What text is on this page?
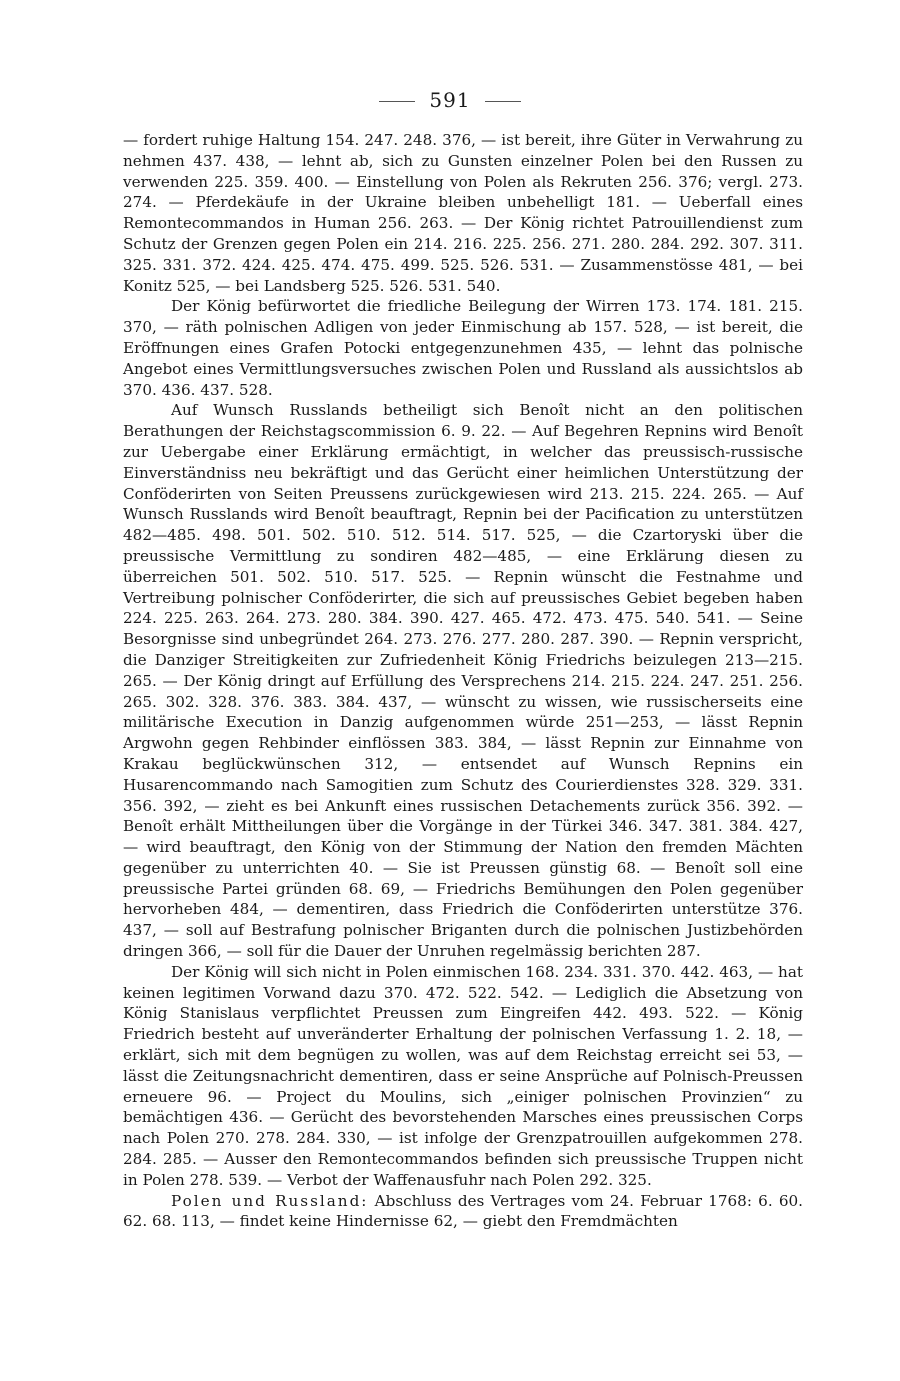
591

— fordert ruhige Haltung 154. 247. 248. 376, — ist bereit, ihre Güter in Verwahrung zu nehmen 437. 438, — lehnt ab, sich zu Gunsten einzelner Polen bei den Russen zu verwenden 225. 359. 400. — Einstellung von Polen als Rekruten 256. 376; vergl. 273. 274. — Pferdekäufe in der Ukraine bleiben unbehelligt 181. — Ueberfall eines Remontecommandos in Human 256. 263. — Der König richtet Patrouillendienst zum Schutz der Grenzen gegen Polen ein 214. 216. 225. 256. 271. 280. 284. 292. 307. 311. 325. 331. 372. 424. 425. 474. 475. 499. 525. 526. 531. — Zusammenstösse 481, — bei Konitz 525, — bei Landsberg 525. 526. 531. 540.

Der König befürwortet die friedliche Beilegung der Wirren 173. 174. 181. 215. 370, — räth polnischen Adligen von jeder Einmischung ab 157. 528, — ist bereit, die Eröffnungen eines Grafen Potocki entgegenzunehmen 435, — lehnt das polnische Angebot eines Vermittlungsversuches zwischen Polen und Russland als aussichtslos ab 370. 436. 437. 528.

Auf Wunsch Russlands betheiligt sich Benoît nicht an den politischen Berathungen der Reichstagscommission 6. 9. 22. — Auf Begehren Repnins wird Benoît zur Uebergabe einer Erklärung ermächtigt, in welcher das preussisch-russische Einverständniss neu bekräftigt und das Gerücht einer heimlichen Unterstützung der Conföderirten von Seiten Preussens zurückgewiesen wird 213. 215. 224. 265. — Auf Wunsch Russlands wird Benoît beauftragt, Repnin bei der Pacification zu unterstützen 482—485. 498. 501. 502. 510. 512. 514. 517. 525, — die Czartoryski über die preussische Vermittlung zu sondiren 482—485, — eine Erklärung diesen zu überreichen 501. 502. 510. 517. 525. — Repnin wünscht die Festnahme und Vertreibung polnischer Conföderirter, die sich auf preussisches Gebiet begeben haben 224. 225. 263. 264. 273. 280. 384. 390. 427. 465. 472. 473. 475. 540. 541. — Seine Besorgnisse sind unbegründet 264. 273. 276. 277. 280. 287. 390. — Repnin verspricht, die Danziger Streitigkeiten zur Zufriedenheit König Friedrichs beizulegen 213—215. 265. — Der König dringt auf Erfüllung des Versprechens 214. 215. 224. 247. 251. 256. 265. 302. 328. 376. 383. 384. 437, — wünscht zu wissen, wie russischerseits eine militärische Execution in Danzig aufgenommen würde 251—253, — lässt Repnin Argwohn gegen Rehbinder einflössen 383. 384, — lässt Repnin zur Einnahme von Krakau beglückwünschen 312, — entsendet auf Wunsch Repnins ein Husarencommando nach Samogitien zum Schutz des Courierdienstes 328. 329. 331. 356. 392, — zieht es bei Ankunft eines russischen Detachements zurück 356. 392. — Benoît erhält Mittheilungen über die Vorgänge in der Türkei 346. 347. 381. 384. 427, — wird beauftragt, den König von der Stimmung der Nation den fremden Mächten gegenüber zu unterrichten 40. — Sie ist Preussen günstig 68. — Benoît soll eine preussische Partei gründen 68. 69, — Friedrichs Bemühungen den Polen gegenüber hervorheben 484, — dementiren, dass Friedrich die Conföderirten unterstütze 376. 437, — soll auf Bestrafung polnischer Briganten durch die polnischen Justizbehörden dringen 366, — soll für die Dauer der Unruhen regelmässig berichten 287.

Der König will sich nicht in Polen einmischen 168. 234. 331. 370. 442. 463, — hat keinen legitimen Vorwand dazu 370. 472. 522. 542. — Lediglich die Absetzung von König Stanislaus verpflichtet Preussen zum Eingreifen 442. 493. 522. — König Friedrich besteht auf unveränderter Erhaltung der polnischen Verfassung 1. 2. 18, — erklärt, sich mit dem begnügen zu wollen, was auf dem Reichstag erreicht sei 53, — lässt die Zeitungsnachricht dementiren, dass er seine Ansprüche auf Polnisch-Preussen erneuere 96. — Project du Moulins, sich „einiger polnischen Provinzien“ zu bemächtigen 436. — Gerücht des bevorstehenden Marsches eines preussischen Corps nach Polen 270. 278. 284. 330, — ist infolge der Grenzpatrouillen aufgekommen 278. 284. 285. — Ausser den Remontecommandos befinden sich preussische Truppen nicht in Polen 278. 539. — Verbot der Waffenausfuhr nach Polen 292. 325.

Polen und Russland: Abschluss des Vertrages vom 24. Februar 1768: 6. 60. 62. 68. 113, — findet keine Hindernisse 62, — giebt den Fremdmächten
